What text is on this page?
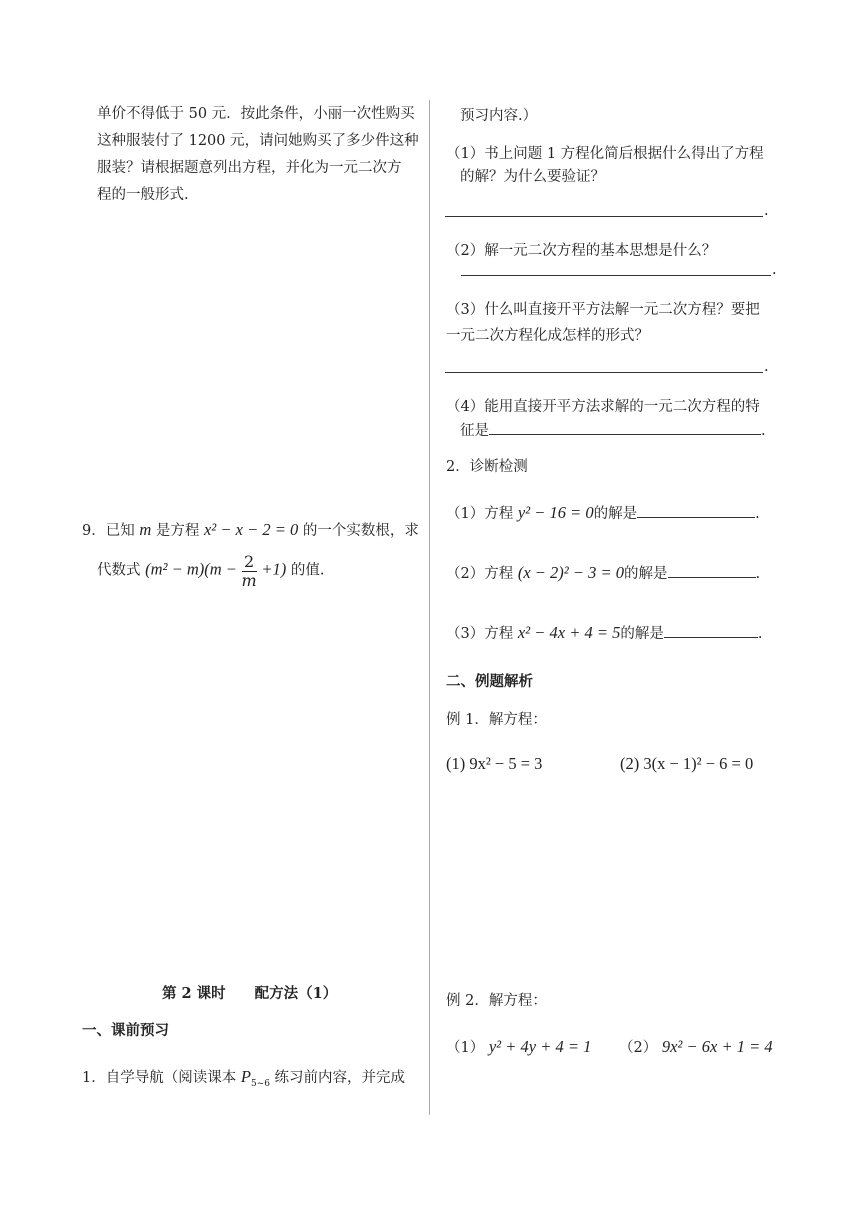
单价不得低于 50 元．按此条件，小丽一次性购买
这种服装付了 1200 元，请问她购买了多少件这种
服装？请根据题意列出方程，并化为一元二次方
程的一般形式.
9．已知 m 是方程 x² − x − 2 = 0 的一个实数根，求
代数式 $(m^2 - m)(m - \frac{2}{m} +1)$ 的值.
第 2 课时　　配方法（1）
一、课前预习
1．自学导航（阅读课本 $P_{5\sim 6}$ 练习前内容，并完成
预习内容.）
（1）书上问题 1 方程化简后根据什么得出了方程
的解？为什么要验证？
.
（2）解一元二次方程的基本思想是什么？
.
（3）什么叫直接开平方法解一元二次方程？要把
一元二次方程化成怎样的形式？
.
（4）能用直接开平方法求解的一元二次方程的特
征是	.
2．诊断检测
（1）方程 y² − 16 = 0的解是	.
（2）方程 (x − 2)² − 3 = 0的解是	.
（3）方程 x² − 4x + 4 = 5的解是	.
二、例题解析
例 1．解方程：
(1) 9x² − 5 = 3	(2) 3(x − 1)² − 6 = 0
例 2．解方程：
（1） y² + 4y + 4 = 1 （2） 9x² − 6x + 1 = 4
